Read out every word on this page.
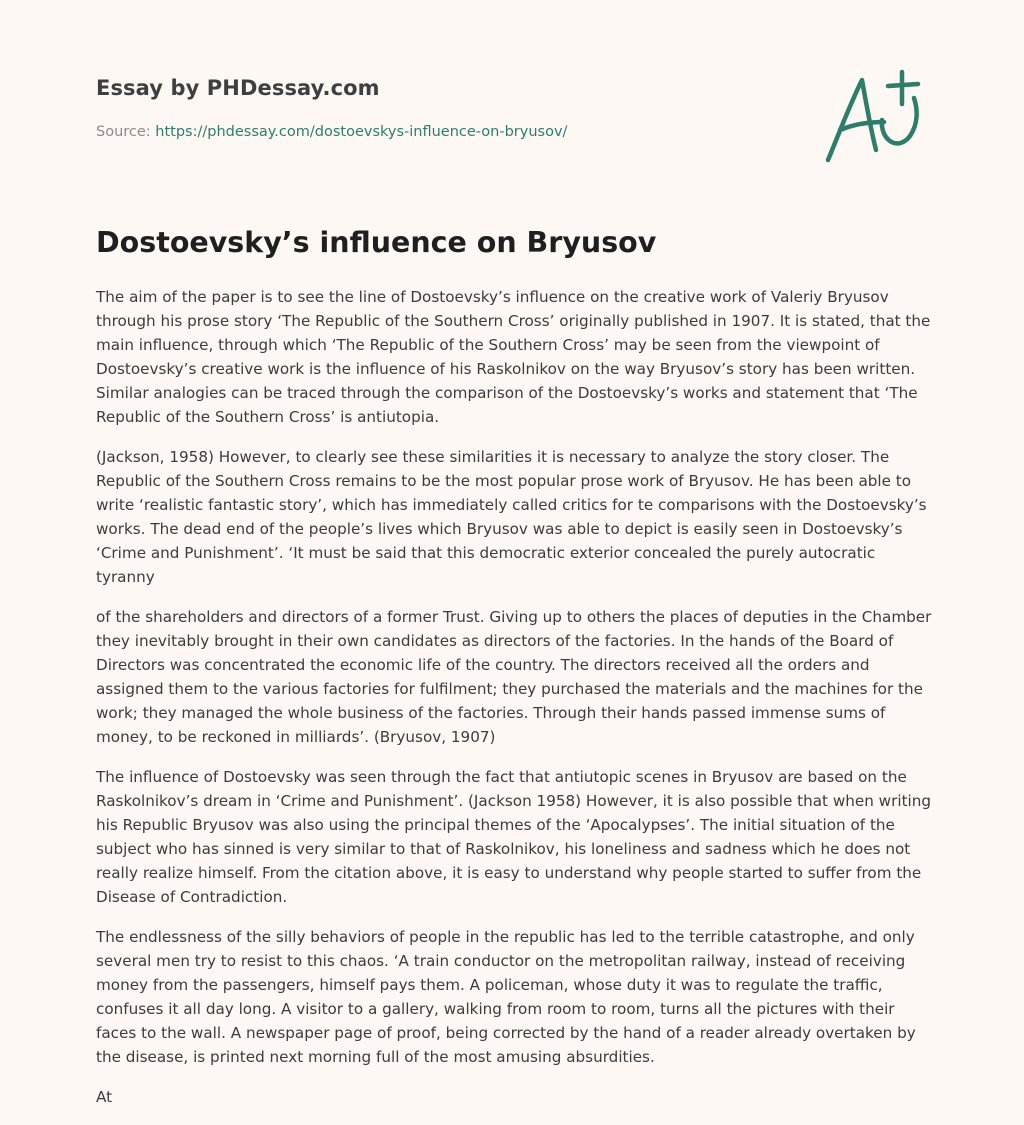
Essay by PHDessay.com

Source: https://phdessay.com/dostoevskys-influence-on-bryusov/

Dostoevsky’s influence on Bryusov

The aim of the paper is to see the line of Dostoevsky’s influence on the creative work of Valeriy Bryusov through his prose story ‘The Republic of the Southern Cross’ originally published in 1907. It is stated, that the main influence, through which ‘The Republic of the Southern Cross’ may be seen from the viewpoint of Dostoevsky’s creative work is the influence of his Raskolnikov on the way Bryusov’s story has been written. Similar analogies can be traced through the comparison of the Dostoevsky’s works and statement that ‘The Republic of the Southern Cross’ is antiutopia.

(Jackson, 1958) However, to clearly see these similarities it is necessary to analyze the story closer. The Republic of the Southern Cross remains to be the most popular prose work of Bryusov. He has been able to write ‘realistic fantastic story’, which has immediately called critics for te comparisons with the Dostoevsky’s works. The dead end of the people’s lives which Bryusov was able to depict is easily seen in Dostoevsky’s ‘Crime and Punishment’. ‘It must be said that this democratic exterior concealed the purely autocratic tyranny

of the shareholders and directors of a former Trust. Giving up to others the places of deputies in the Chamber they inevitably brought in their own candidates as directors of the factories. In the hands of the Board of Directors was concentrated the economic life of the country. The directors received all the orders and assigned them to the various factories for fulfilment; they purchased the materials and the machines for the work; they managed the whole business of the factories. Through their hands passed immense sums of money, to be reckoned in milliards’. (Bryusov, 1907)

The influence of Dostoevsky was seen through the fact that antiutopic scenes in Bryusov are based on the Raskolnikov’s dream in ‘Crime and Punishment’. (Jackson 1958) However, it is also possible that when writing his Republic Bryusov was also using the principal themes of the ‘Apocalypses’. The initial situation of the subject who has sinned is very similar to that of Raskolnikov, his loneliness and sadness which he does not really realize himself. From the citation above, it is easy to understand why people started to suffer from the Disease of Contradiction.

The endlessness of the silly behaviors of people in the republic has led to the terrible catastrophe, and only several men try to resist to this chaos. ‘A train conductor on the metropolitan railway, instead of receiving money from the passengers, himself pays them. A policeman, whose duty it was to regulate the traffic, confuses it all day long. A visitor to a gallery, walking from room to room, turns all the pictures with their faces to the wall. A newspaper page of proof, being corrected by the hand of a reader already overtaken by the disease, is printed next morning full of the most amusing absurdities.

At
